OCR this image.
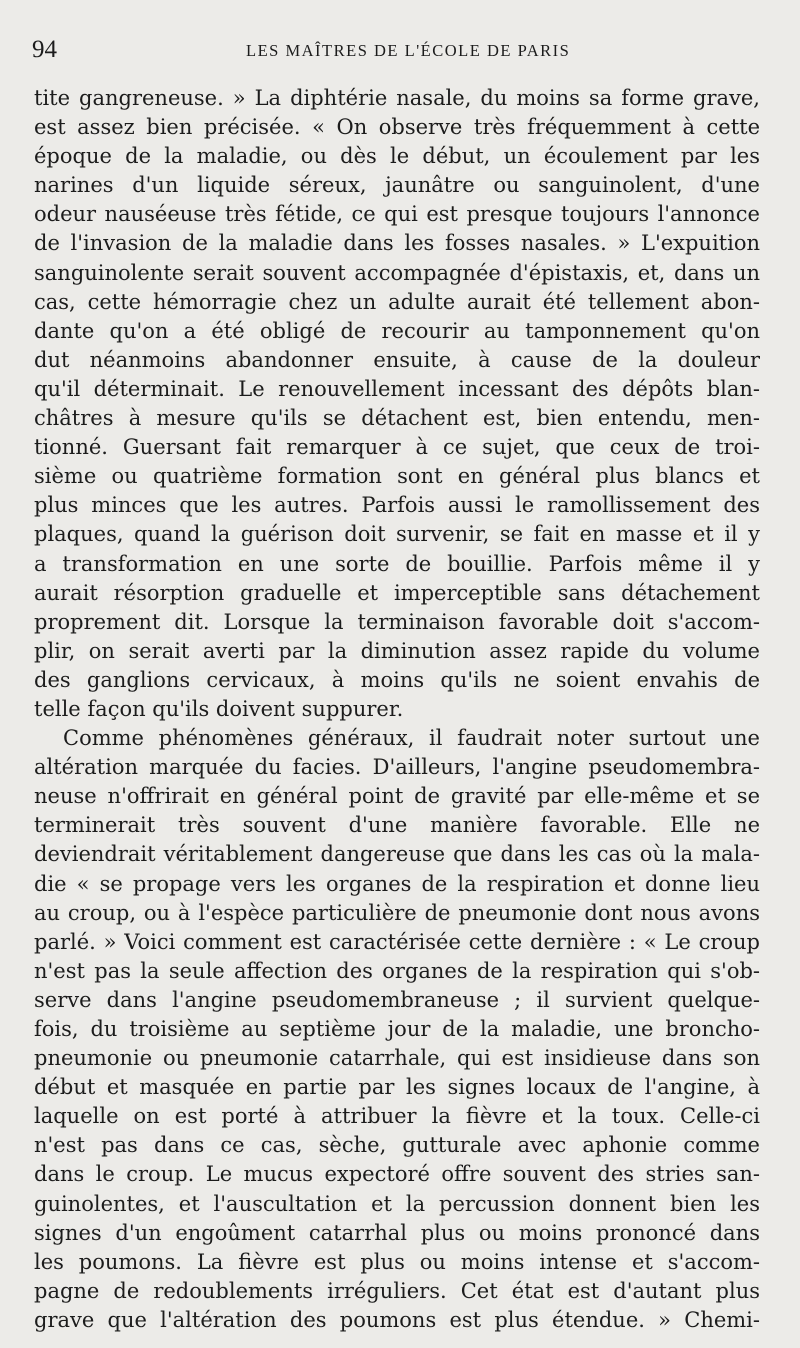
94	LES MAÎTRES DE L'ÉCOLE DE PARIS
tite gangreneuse. » La diphtérie nasale, du moins sa forme grave,
est assez bien précisée. « On observe très fréquemment à cette
époque de la maladie, ou dès le début, un écoulement par les
narines d'un liquide séreux, jaunâtre ou sanguinolent, d'une
odeur nauséeuse très fétide, ce qui est presque toujours l'annonce
de l'invasion de la maladie dans les fosses nasales. » L'expuition
sanguinolente serait souvent accompagnée d'épistaxis, et, dans un
cas, cette hémorragie chez un adulte aurait été tellement abon-
dante qu'on a été obligé de recourir au tamponnement qu'on
dut néanmoins abandonner ensuite, à cause de la douleur
qu'il déterminait. Le renouvellement incessant des dépôts blan-
châtres à mesure qu'ils se détachent est, bien entendu, men-
tionné. Guersant fait remarquer à ce sujet, que ceux de troi-
sième ou quatrième formation sont en général plus blancs et
plus minces que les autres. Parfois aussi le ramollissement des
plaques, quand la guérison doit survenir, se fait en masse et il y
a transformation en une sorte de bouillie. Parfois même il y
aurait résorption graduelle et imperceptible sans détachement
proprement dit. Lorsque la terminaison favorable doit s'accom-
plir, on serait averti par la diminution assez rapide du volume
des ganglions cervicaux, à moins qu'ils ne soient envahis de
telle façon qu'ils doivent suppurer.
Comme phénomènes généraux, il faudrait noter surtout une
altération marquée du facies. D'ailleurs, l'angine pseudomembra-
neuse n'offrirait en général point de gravité par elle-même et se
terminerait très souvent d'une manière favorable. Elle ne
deviendrait véritablement dangereuse que dans les cas où la mala-
die « se propage vers les organes de la respiration et donne lieu
au croup, ou à l'espèce particulière de pneumonie dont nous avons
parlé. » Voici comment est caractérisée cette dernière : « Le croup
n'est pas la seule affection des organes de la respiration qui s'ob-
serve dans l'angine pseudomembraneuse ; il survient quelque-
fois, du troisième au septième jour de la maladie, une broncho-
pneumonie ou pneumonie catarrhale, qui est insidieuse dans son
début et masquée en partie par les signes locaux de l'angine, à
laquelle on est porté à attribuer la fièvre et la toux. Celle-ci
n'est pas dans ce cas, sèche, gutturale avec aphonie comme
dans le croup. Le mucus expectoré offre souvent des stries san-
guinolentes, et l'auscultation et la percussion donnent bien les
signes d'un engoûment catarrhal plus ou moins prononcé dans
les poumons. La fièvre est plus ou moins intense et s'accom-
pagne de redoublements irréguliers. Cet état est d'autant plus
grave que l'altération des poumons est plus étendue. » Chemi-
